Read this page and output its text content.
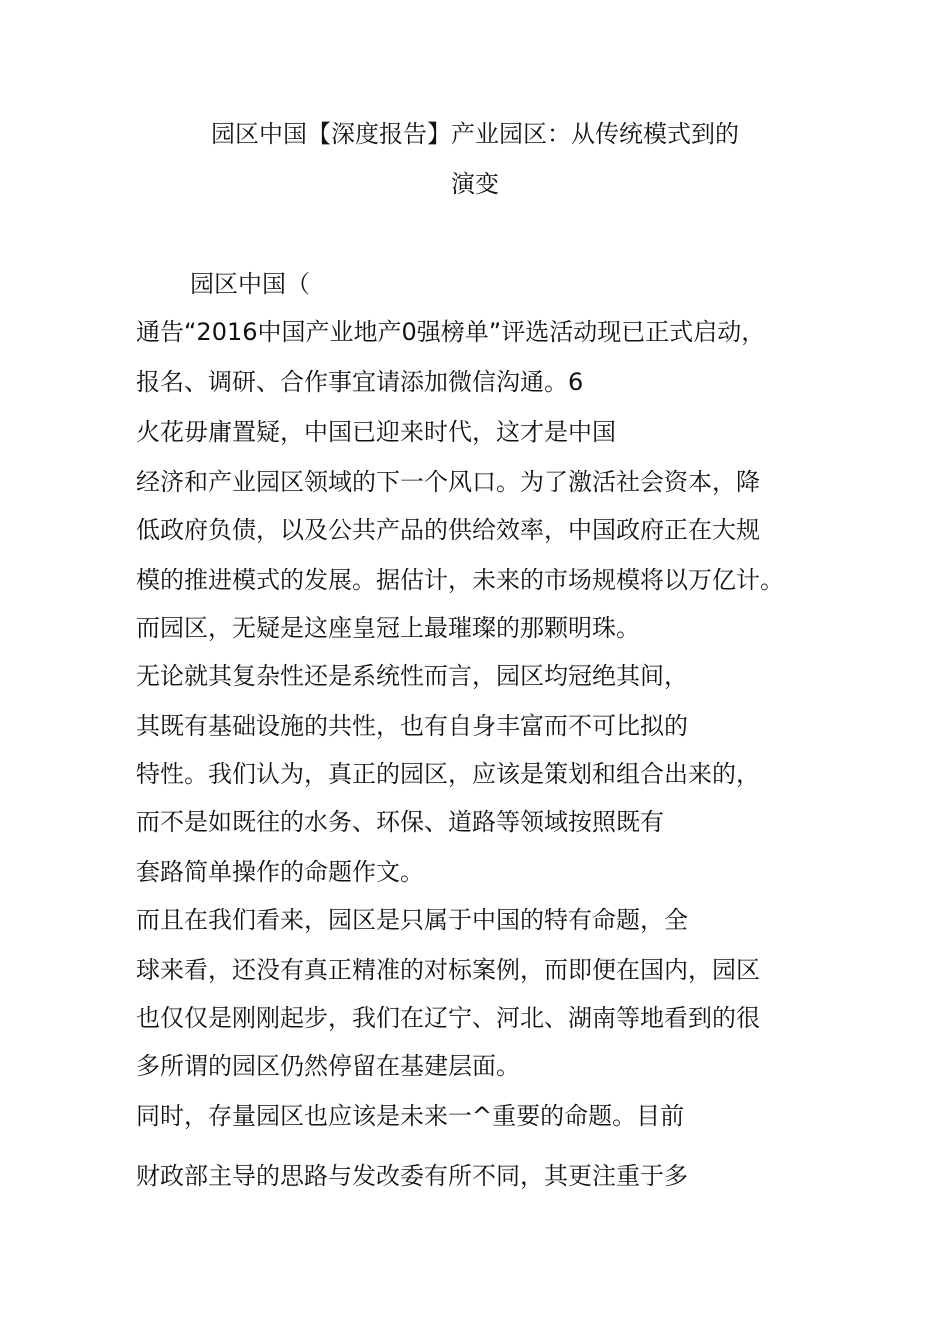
园区中国【深度报告】产业园区：从传统模式到的
演变
园区中国（
通告“2016中国产业地产0强榜单”评选活动现已正式启动，
报名、调研、合作事宜请添加微信沟通。6
火花毋庸置疑，中国已迎来时代，这才是中国
经济和产业园区领域的下一个风口。为了激活社会资本，降
低政府负债，以及公共产品的供给效率，中国政府正在大规
模的推进模式的发展。据估计，未来的市场规模将以万亿计。
而园区，无疑是这座皇冠上最璀璨的那颗明珠。
无论就其复杂性还是系统性而言，园区均冠绝其间，
其既有基础设施的共性，也有自身丰富而不可比拟的
特性。我们认为，真正的园区，应该是策划和组合出来的，
而不是如既往的水务、环保、道路等领域按照既有
套路简单操作的命题作文。
而且在我们看来，园区是只属于中国的特有命题，全
球来看，还没有真正精准的对标案例，而即便在国内，园区
也仅仅是刚刚起步，我们在辽宁、河北、湖南等地看到的很
多所谓的园区仍然停留在基建层面。
同时，存量园区也应该是未来一^重要的命题。目前
财政部主导的思路与发改委有所不同，其更注重于多
